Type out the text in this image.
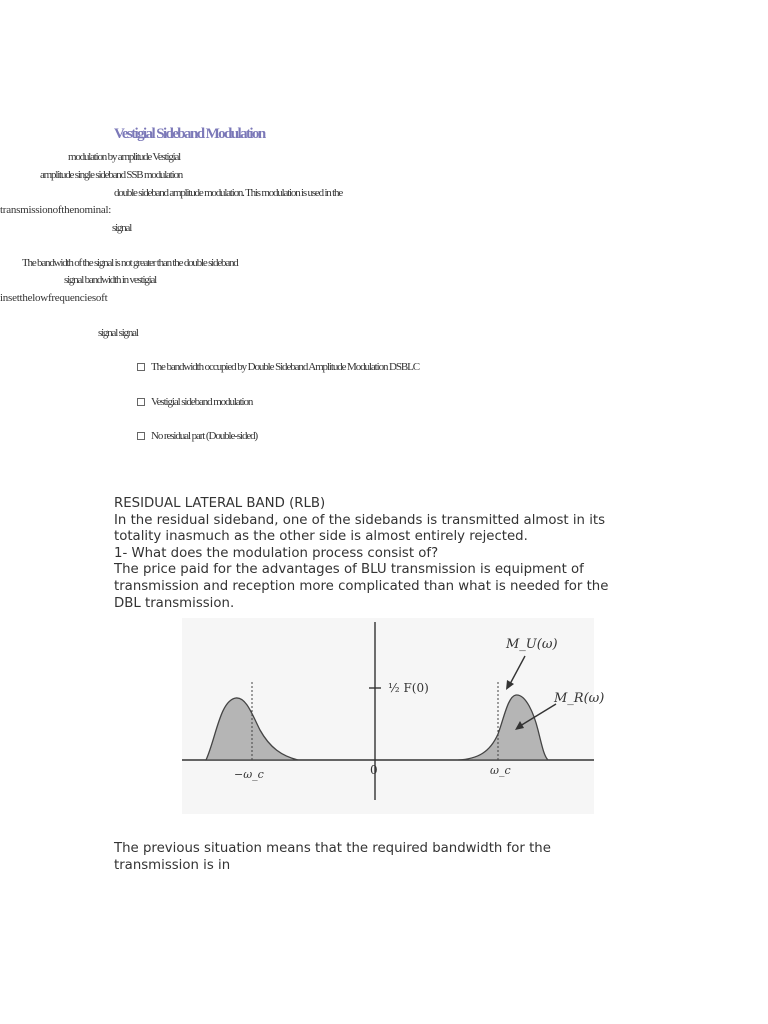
Vestigial Sideband Modulation
modulation by amplitude Vestigial
amplitude single sideband SSB modulation
double sideband amplitude modulation. This modulation is used in the
t r a n s m i s s i o n o f t h e n o m i n a l :
signal
The bandwidth of the signal is not greater than the double sideband
signal bandwidth in vestigial
i n s e t t h e l o w f r e q u e n c i e s o f t
signal signal
The bandwidth occupied by Double Sideband Amplitude Modulation DSBLC
Vestigial sideband modulation
No residual part (Double-sided)

RESIDUAL LATERAL BAND (RLB)

In the residual sideband, one of the sidebands is transmitted almost in its totality inasmuch as the other side is almost entirely rejected.

1- What does the modulation process consist of?

The price paid for the advantages of BLU transmission is equipment of transmission and reception more complicated than what is needed for the DBL transmission.

M_U(ω)
M_R(ω)
½ F(0)
−ω_c	0	ω_c

The previous situation means that the required bandwidth for the transmission is in
